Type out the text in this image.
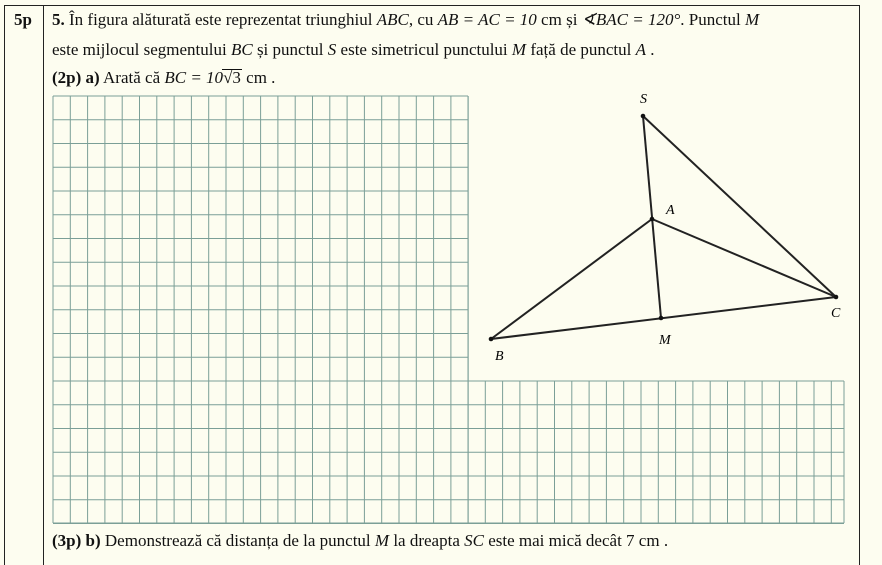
5p 5. În figura alăturată este reprezentat triunghiul ABC, cu AB = AC = 10 cm și ∢BAC = 120°. Punctul M
este mijlocul segmentului BC și punctul S este simetricul punctului M față de punctul A .
(2p) a) Arată că BC = 10√3 cm .
(3p) b) Demonstrează că distanța de la punctul M la dreapta SC este mai mică decât 7 cm .
S
A
B
C
M
